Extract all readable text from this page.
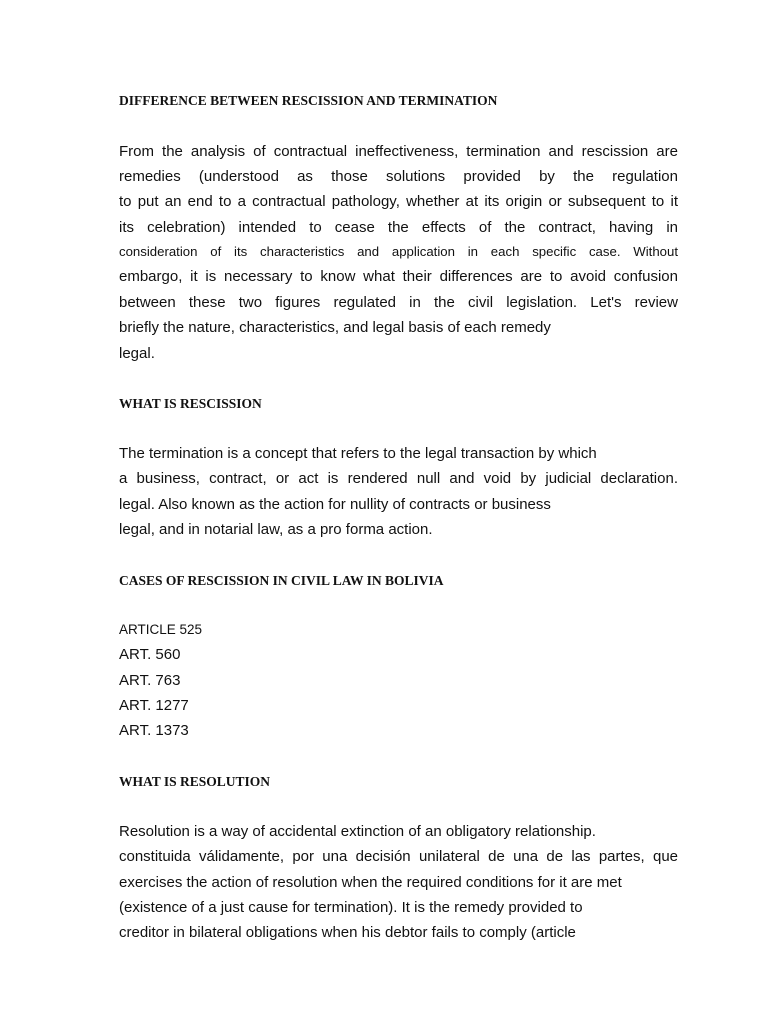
DIFFERENCE BETWEEN RESCISSION AND TERMINATION
From the analysis of contractual ineffectiveness, termination and rescission are
remedies (understood as those solutions provided by the regulation
to put an end to a contractual pathology, whether at its origin or subsequent to it
its celebration) intended to cease the effects of the contract, having in
consideration of its characteristics and application in each specific case. Without
embargo, it is necessary to know what their differences are to avoid confusion
between these two figures regulated in the civil legislation. Let's review
briefly the nature, characteristics, and legal basis of each remedy
legal.
WHAT IS RESCISSION
The termination is a concept that refers to the legal transaction by which
a business, contract, or act is rendered null and void by judicial declaration.
legal. Also known as the action for nullity of contracts or business
legal, and in notarial law, as a pro forma action.
CASES OF RESCISSION IN CIVIL LAW IN BOLIVIA
ARTICLE 525
ART. 560
ART. 763
ART. 1277
ART. 1373
WHAT IS RESOLUTION
Resolution is a way of accidental extinction of an obligatory relationship.
constituida válidamente, por una decisión unilateral de una de las partes, que
exercises the action of resolution when the required conditions for it are met
(existence of a just cause for termination). It is the remedy provided to
creditor in bilateral obligations when his debtor fails to comply (article
